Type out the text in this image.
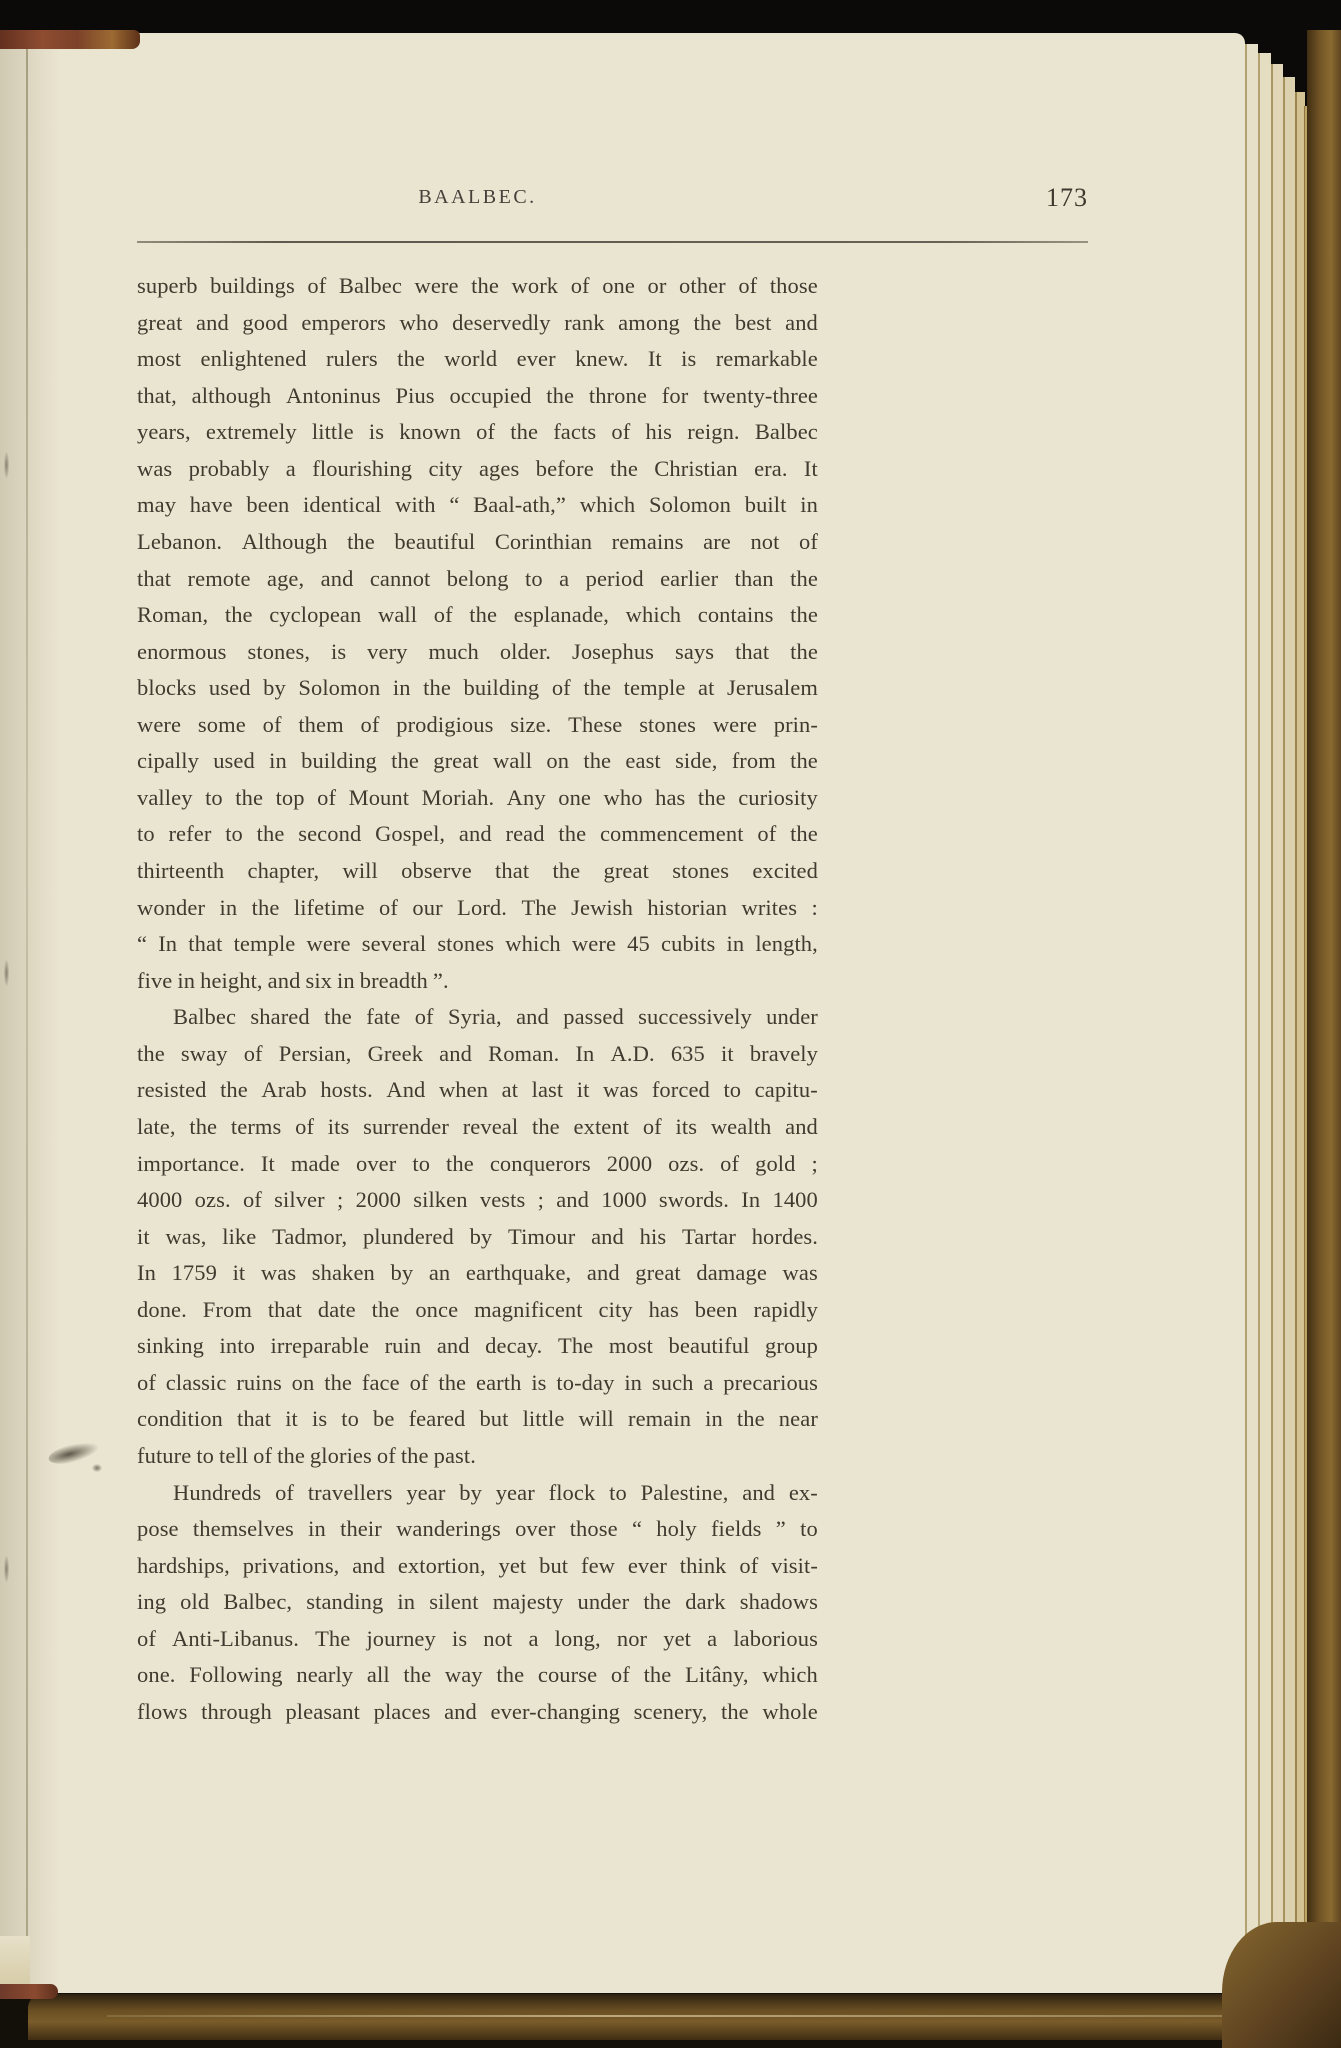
BAALBEC.	173
superb buildings of Balbec were the work of one or other of those
great and good emperors who deservedly rank among the best and
most enlightened rulers the world ever knew. It is remarkable
that, although Antoninus Pius occupied the throne for twenty-three
years, extremely little is known of the facts of his reign. Balbec
was probably a flourishing city ages before the Christian era. It
may have been identical with “ Baal-ath,” which Solomon built in
Lebanon. Although the beautiful Corinthian remains are not of
that remote age, and cannot belong to a period earlier than the
Roman, the cyclopean wall of the esplanade, which contains the
enormous stones, is very much older. Josephus says that the
blocks used by Solomon in the building of the temple at Jerusalem
were some of them of prodigious size. These stones were prin-
cipally used in building the great wall on the east side, from the
valley to the top of Mount Moriah. Any one who has the curiosity
to refer to the second Gospel, and read the commencement of the
thirteenth chapter, will observe that the great stones excited
wonder in the lifetime of our Lord. The Jewish historian writes :
“ In that temple were several stones which were 45 cubits in length,
five in height, and six in breadth ”.
Balbec shared the fate of Syria, and passed successively under
the sway of Persian, Greek and Roman. In A.D. 635 it bravely
resisted the Arab hosts. And when at last it was forced to capitu-
late, the terms of its surrender reveal the extent of its wealth and
importance. It made over to the conquerors 2000 ozs. of gold ;
4000 ozs. of silver ; 2000 silken vests ; and 1000 swords. In 1400
it was, like Tadmor, plundered by Timour and his Tartar hordes.
In 1759 it was shaken by an earthquake, and great damage was
done. From that date the once magnificent city has been rapidly
sinking into irreparable ruin and decay. The most beautiful group
of classic ruins on the face of the earth is to-day in such a precarious
condition that it is to be feared but little will remain in the near
future to tell of the glories of the past.
Hundreds of travellers year by year flock to Palestine, and ex-
pose themselves in their wanderings over those “ holy fields ” to
hardships, privations, and extortion, yet but few ever think of visit-
ing old Balbec, standing in silent majesty under the dark shadows
of Anti-Libanus. The journey is not a long, nor yet a laborious
one. Following nearly all the way the course of the Litâny, which
flows through pleasant places and ever-changing scenery, the whole
